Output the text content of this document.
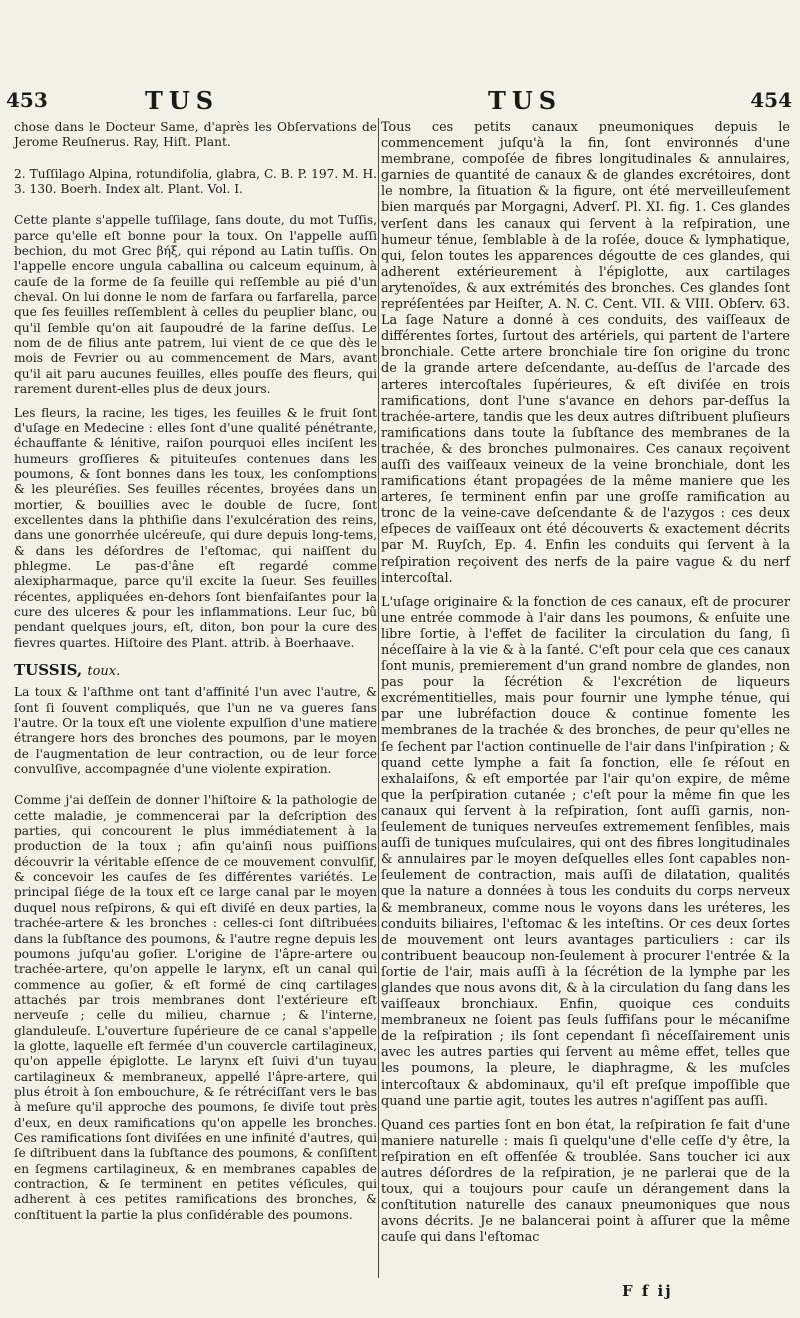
453	TUS	TUS	454

chose dans le Docteur Same, d'après les Obſervations de Jerome Reuſnerus. Ray, Hiſt. Plant.

2. Tuſſilago Alpina, rotundifolia, glabra, C. B. P. 197. M. H. 3. 130. Boerh. Index alt. Plant. Vol. I.

Cette plante s'appelle tuſſilage, ſans doute, du mot Tuſſis, parce qu'elle eſt bonne pour la toux. On l'appelle auſſi bechion, du mot Grec βήξ, qui répond au Latin tuſſis. On l'appelle encore ungula caballina ou calceum equinum, à cauſe de la forme de ſa feuille qui reſſemble au pié d'un cheval. On lui donne le nom de farfara ou farfarella, parce que ſes feuilles reſſemblent à celles du peuplier blanc, ou qu'il ſemble qu'on ait ſaupoudré de la farine deſſus. Le nom de de filius ante patrem, lui vient de ce que dès le mois de Fevrier ou au commencement de Mars, avant qu'il ait paru aucunes feuilles, elles pouſſe des fleurs, qui rarement durent-elles plus de deux jours.

Les fleurs, la racine, les tiges, les feuilles & le fruit ſont d'uſage en Medecine : elles ſont d'une qualité pénétrante, échauffante & lénitive, raiſon pourquoi elles inciſent les humeurs groſſieres & pituiteuſes contenues dans les poumons, & ſont bonnes dans les toux, les conſomptions & les pleuréſies. Ses feuilles récentes, broyées dans un mortier, & bouillies avec le double de ſucre, ſont excellentes dans la phthiſie dans l'exulcération des reins, dans une gonorrhée ulcéreuſe, qui dure depuis long-tems, & dans les déſordres de l'eſtomac, qui naiſſent du phlegme. Le pas-d'âne eſt regardé comme alexipharmaque, parce qu'il excite la ſueur. Ses feuilles récentes, appliquées en-dehors ſont bienfaiſantes pour la cure des ulceres & pour les inflammations. Leur ſuc, bû pendant quelques jours, eſt, diton, bon pour la cure des fievres quartes. Hiſtoire des Plant. attrib. à Boerhaave.

TUSSIS, toux.

La toux & l'aſthme ont tant d'affinité l'un avec l'autre, & ſont ſi ſouvent compliqués, que l'un ne va gueres ſans l'autre. Or la toux eſt une violente expulſion d'une matiere étrangere hors des bronches des poumons, par le moyen de l'augmentation de leur contraction, ou de leur force convulſive, accompagnée d'une violente expiration.

Comme j'ai deſſein de donner l'hiſtoire & la pathologie de cette maladie, je commencerai par la deſcription des parties, qui concourent le plus immédiatement à la production de la toux ; afin qu'ainſi nous puiſſions découvrir la véritable eſſence de ce mouvement convulſif, & concevoir les cauſes de ſes différentes variétés. Le principal ſiége de la toux eſt ce large canal par le moyen duquel nous reſpirons, & qui eſt diviſé en deux parties, la trachée-artere & les bronches : celles-ci ſont diſtribuées dans la ſubſtance des poumons, & l'autre regne depuis les poumons juſqu'au goſier. L'origine de l'âpre-artere ou trachée-artere, qu'on appelle le larynx, eſt un canal qui commence au goſier, & eſt formé de cinq cartilages attachés par trois membranes dont l'extérieure eſt nerveuſe ; celle du milieu, charnue ; & l'interne, glanduleuſe. L'ouverture ſupérieure de ce canal s'appelle la glotte, laquelle eſt fermée d'un couvercle cartilagineux, qu'on appelle épiglotte. Le larynx eſt ſuivi d'un tuyau cartilagineux & membraneux, appellé l'âpre-artere, qui plus étroit à ſon embouchure, & ſe rétréciſſant vers le bas à meſure qu'il approche des poumons, ſe diviſe tout près d'eux, en deux ramifications qu'on appelle les bronches. Ces ramifications ſont diviſées en une infinité d'autres, qui ſe diſtribuent dans la ſubſtance des poumons, & conſiſtent en ſegmens cartilagineux, & en membranes capables de contraction, & ſe terminent en petites véſicules, qui adherent à ces petites ramifications des bronches, & conſtituent la partie la plus conſidérable des poumons.

Tous ces petits canaux pneumoniques depuis le commencement juſqu'à la fin, ſont environnés d'une membrane, compoſée de fibres longitudinales & annulaires, garnies de quantité de canaux & de glandes excrétoires, dont le nombre, la ſituation & la figure, ont été merveilleuſement bien marqués par Morgagni, Adverſ. Pl. XI. fig. 1. Ces glandes verſent dans les canaux qui ſervent à la reſpiration, une humeur ténue, ſemblable à de la roſée, douce & lymphatique, qui, ſelon toutes les apparences dégoutte de ces glandes, qui adherent extérieurement à l'épiglotte, aux cartilages arytenoïdes, & aux extrémités des bronches. Ces glandes ſont repréſentées par Heiſter, A. N. C. Cent. VII. & VIII. Obſerv. 63. La ſage Nature a donné à ces conduits, des vaiſſeaux de différentes ſortes, ſurtout des artériels, qui partent de l'artere bronchiale. Cette artere bronchiale tire ſon origine du tronc de la grande artere deſcendante, au-deſſus de l'arcade des arteres intercoſtales ſupérieures, & eſt diviſée en trois ramifications, dont l'une s'avance en dehors par-deſſus la trachée-artere, tandis que les deux autres diſtribuent pluſieurs ramifications dans toute la ſubſtance des membranes de la trachée, & des bronches pulmonaires. Ces canaux reçoivent auſſi des vaiſſeaux veineux de la veine bronchiale, dont les ramifications étant propagées de la même maniere que les arteres, ſe terminent enfin par une groſſe ramification au tronc de la veine-cave deſcendante & de l'azygos : ces deux eſpeces de vaiſſeaux ont été découverts & exactement décrits par M. Ruyſch, Ep. 4. Enfin les conduits qui ſervent à la reſpiration reçoivent des nerfs de la paire vague & du nerf intercoſtal.

L'uſage originaire & la fonction de ces canaux, eſt de procurer une entrée commode à l'air dans les poumons, & enſuite une libre ſortie, à l'effet de faciliter la circulation du ſang, ſi néceſſaire à la vie & à la ſanté. C'eſt pour cela que ces canaux ſont munis, premierement d'un grand nombre de glandes, non pas pour la ſécrétion & l'excrétion de liqueurs excrémentitielles, mais pour fournir une lymphe ténue, qui par une lubréfaction douce & continue fomente les membranes de la trachée & des bronches, de peur qu'elles ne ſe ſechent par l'action continuelle de l'air dans l'inſpiration ; & quand cette lymphe a fait ſa fonction, elle ſe réſout en exhalaiſons, & eſt emportée par l'air qu'on expire, de même que la perſpiration cutanée ; c'eſt pour la même fin que les canaux qui ſervent à la reſpiration, ſont auſſi garnis, non-ſeulement de tuniques nerveuſes extremement ſenſibles, mais auſſi de tuniques muſculaires, qui ont des fibres longitudinales & annulaires par le moyen deſquelles elles ſont capables non-ſeulement de contraction, mais auſſi de dilatation, qualités que la nature a données à tous les conduits du corps nerveux & membraneux, comme nous le voyons dans les uréteres, les conduits biliaires, l'eſtomac & les inteſtins. Or ces deux ſortes de mouvement ont leurs avantages particuliers : car ils contribuent beaucoup non-ſeulement à procurer l'entrée & la ſortie de l'air, mais auſſi à la ſécrétion de la lymphe par les glandes que nous avons dit, & à la circulation du ſang dans les vaiſſeaux bronchiaux. Enfin, quoique ces conduits membraneux ne ſoient pas ſeuls ſuffiſans pour le mécaniſme de la reſpiration ; ils ſont cependant ſi néceſſairement unis avec les autres parties qui ſervent au même effet, telles que les poumons, la pleure, le diaphragme, & les muſcles intercoſtaux & abdominaux, qu'il eſt preſque impoſſible que quand une partie agit, toutes les autres n'agiſſent pas auſſi.

Quand ces parties ſont en bon état, la reſpiration ſe fait d'une maniere naturelle : mais ſi quelqu'une d'elle ceſſe d'y être, la reſpiration en eſt offenſée & troublée. Sans toucher ici aux autres déſordres de la reſpiration, je ne parlerai que de la toux, qui a toujours pour cauſe un dérangement dans la conſtitution naturelle des canaux pneumoniques que nous avons décrits. Je ne balancerai point à aſſurer que la même cauſe qui dans l'eſtomac

F f ij
